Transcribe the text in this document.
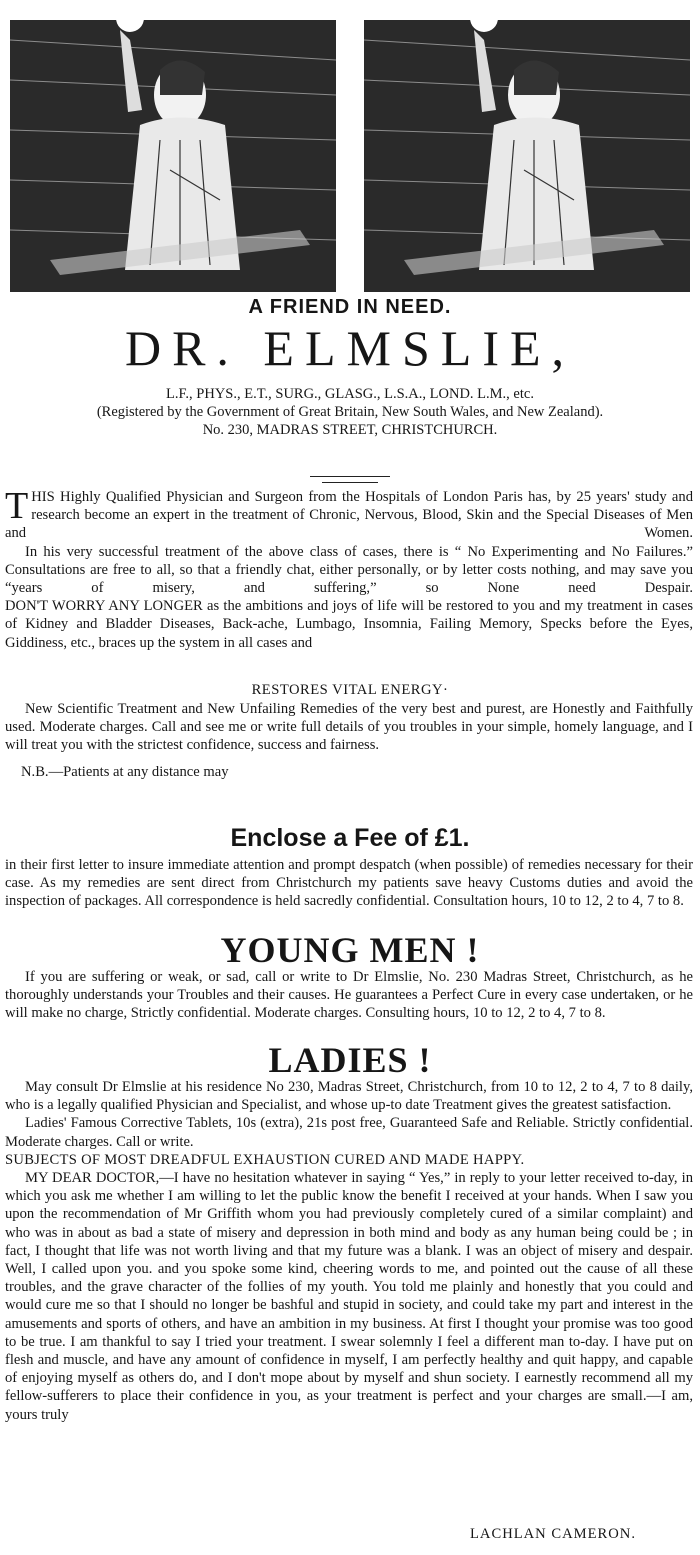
A FRIEND IN NEED.
DR. ELMSLIE,
L.F., PHYS., E.T., SURG., GLASG., L.S.A., LOND. L.M., etc.
(Registered by the Government of Great Britain, New South Wales, and New Zealand).
No. 230, MADRAS STREET, CHRISTCHURCH.

THIS Highly Qualified Physician and Surgeon from the Hospitals of London Paris has, by 25 years' study and research become an expert in the treatment of Chronic, Nervous, Blood, Skin and the Special Diseases of Men and Women.

In his very successful treatment of the above class of cases, there is “ No Experimenting and No Failures.” Consultations are free to all, so that a friendly chat, either personally, or by letter costs nothing, and may save you “years of misery, and suffering,” so None need Despair.

DON'T WORRY ANY LONGER as the ambitions and joys of life will be restored to you and my treatment in cases of Kidney and Bladder Diseases, Back-ache, Lumbago, Insomnia, Failing Memory, Specks before the Eyes, Giddiness, etc., braces up the system in all cases and

RESTORES VITAL ENERGY·

New Scientific Treatment and New Unfailing Remedies of the very best and purest, are Honestly and Faithfully used. Moderate charges. Call and see me or write full details of you troubles in your simple, homely language, and I will treat you with the strictest confidence, success and fairness.

N.B.—Patients at any distance may

Enclose a Fee of £1.

in their first letter to insure immediate attention and prompt despatch (when possible) of remedies necessary for their case. As my remedies are sent direct from Christchurch my patients save heavy Customs duties and avoid the inspection of packages. All correspondence is held sacredly confidential. Consultation hours, 10 to 12, 2 to 4, 7 to 8.

YOUNG MEN !

If you are suffering or weak, or sad, call or write to Dr Elmslie, No. 230 Madras Street, Christchurch, as he thoroughly understands your Troubles and their causes. He guarantees a Perfect Cure in every case undertaken, or he will make no charge, Strictly confidential. Moderate charges. Consulting hours, 10 to 12, 2 to 4, 7 to 8.

LADIES !

May consult Dr Elmslie at his residence No 230, Madras Street, Christchurch, from 10 to 12, 2 to 4, 7 to 8 daily, who is a legally qualified Physician and Specialist, and whose up-to date Treatment gives the greatest satisfaction.

Ladies' Famous Corrective Tablets, 10s (extra), 21s post free, Guaranteed Safe and Reliable. Strictly confidential. Moderate charges. Call or write.

SUBJECTS OF MOST DREADFUL EXHAUSTION CURED AND MADE HAPPY.

MY DEAR DOCTOR,—I have no hesitation whatever in saying “ Yes,” in reply to your letter received to-day, in which you ask me whether I am willing to let the public know the benefit I received at your hands. When I saw you upon the recommendation of Mr Griffith whom you had previously completely cured of a similar complaint) and who was in about as bad a state of misery and depression in both mind and body as any human being could be ; in fact, I thought that life was not worth living and that my future was a blank. I was an object of misery and despair. Well, I called upon you. and you spoke some kind, cheering words to me, and pointed out the cause of all these troubles, and the grave character of the follies of my youth. You told me plainly and honestly that you could and would cure me so that I should no longer be bashful and stupid in society, and could take my part and interest in the amusements and sports of others, and have an ambition in my business. At first I thought your promise was too good to be true. I am thankful to say I tried your treatment. I swear solemnly I feel a different man to-day. I have put on flesh and muscle, and have any amount of confidence in myself, I am perfectly healthy and quit happy, and capable of enjoying myself as others do, and I don't mope about by myself and shun society. I earnestly recommend all my fellow-sufferers to place their confidence in you, as your treatment is perfect and your charges are small.—I am, yours truly

LACHLAN CAMERON.
